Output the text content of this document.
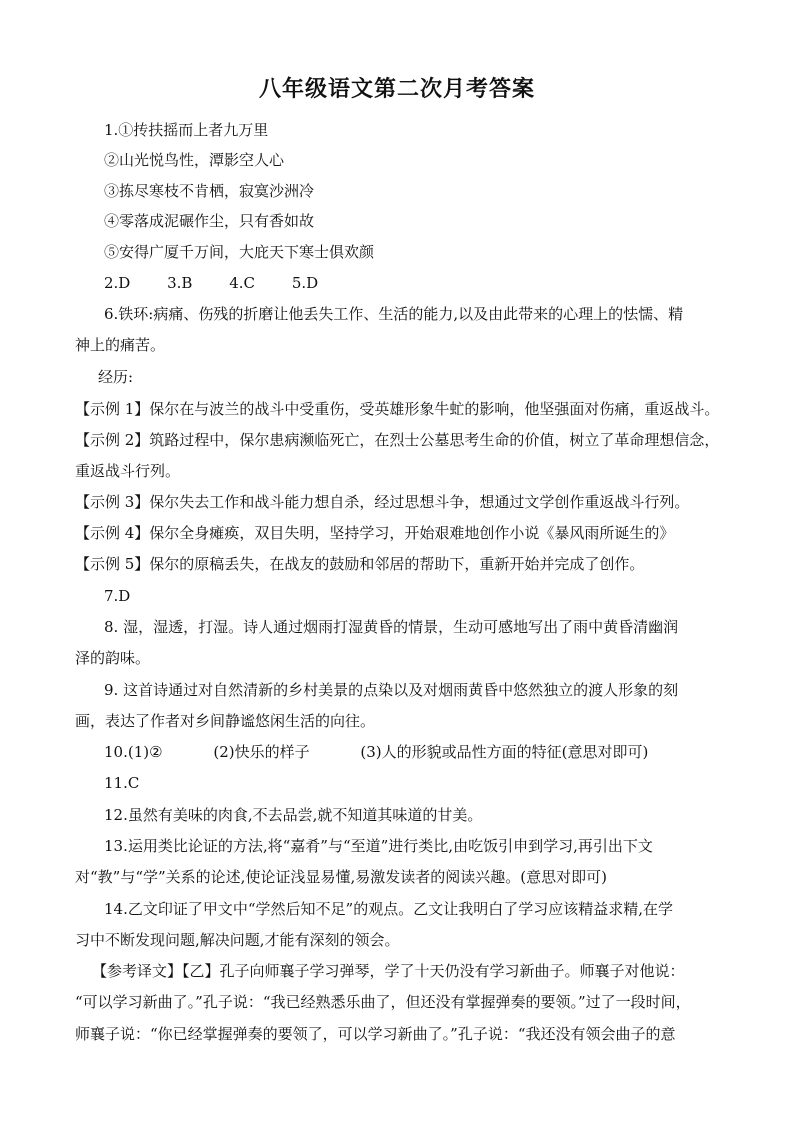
八年级语文第二次月考答案
1.①抟扶摇而上者九万里
②山光悦鸟性，潭影空人心
③拣尽寒枝不肯栖，寂寞沙洲冷
④零落成泥碾作尘，只有香如故
⑤安得广厦千万间，大庇天下寒士俱欢颜
2.D 3.B 4.C 5.D
6.铁环:病痛、伤残的折磨让他丢失工作、生活的能力,以及由此带来的心理上的怯懦、精
神上的痛苦。
经历:
【示例 1】保尔在与波兰的战斗中受重伤，受英雄形象牛虻的影响，他坚强面对伤痛，重返战斗。
【示例 2】筑路过程中，保尔患病濒临死亡，在烈士公墓思考生命的价值，树立了革命理想信念，
重返战斗行列。
【示例 3】保尔失去工作和战斗能力想自杀，经过思想斗争，想通过文学创作重返战斗行列。
【示例 4】保尔全身瘫痪，双目失明，坚持学习，开始艰难地创作小说《暴风雨所诞生的》
【示例 5】保尔的原稿丢失，在战友的鼓励和邻居的帮助下，重新开始并完成了创作。
7.D
8. 湿，湿透，打湿。诗人通过烟雨打湿黄昏的情景，生动可感地写出了雨中黄昏清幽润
泽的韵味。
9. 这首诗通过对自然清新的乡村美景的点染以及对烟雨黄昏中悠然独立的渡人形象的刻
画，表达了作者对乡间静谧悠闲生活的向往。
10.(1)②	(2)快乐的样子	(3)人的形貌或品性方面的特征(意思对即可)
11.C
12.虽然有美味的肉食,不去品尝,就不知道其味道的甘美。
13.运用类比论证的方法,将“嘉肴”与“至道”进行类比,由吃饭引申到学习,再引出下文
对“教”与“学”关系的论述,使论证浅显易懂,易激发读者的阅读兴趣。(意思对即可)
14.乙文印证了甲文中“学然后知不足”的观点。乙文让我明白了学习应该精益求精,在学
习中不断发现问题,解决问题,才能有深刻的领会。
【参考译文】【乙】孔子向师襄子学习弹琴，学了十天仍没有学习新曲子。师襄子对他说：
“可以学习新曲了。”孔子说：“我已经熟悉乐曲了，但还没有掌握弹奏的要领。”过了一段时间，
师襄子说：“你已经掌握弹奏的要领了，可以学习新曲了。”孔子说：“我还没有领会曲子的意
